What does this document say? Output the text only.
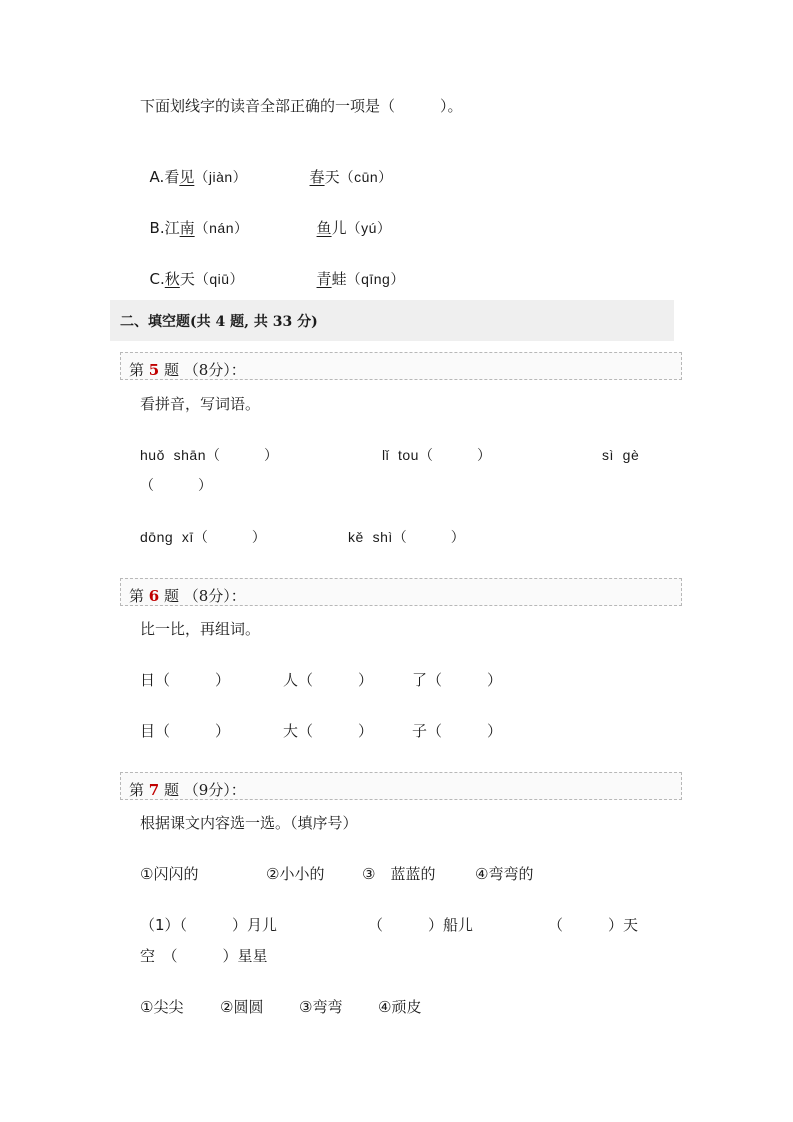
下面划线字的读音全部正确的一项是（　　　）。

A.看见（jiàn）	春天（cūn）

B.江南（nán）	鱼儿（yú）

C.秋天（qiū）	青蛙（qīng）

二、填空题(共 4 题, 共 33 分)
第 5 题 （8分）：
看拼音，写词语。
huǒ  shān（　　　）	lǐ  tou（　　　）	sì  gè
（　　　）
dōng  xī（　　　）	kě  shì（　　　）
第 6 题 （8分）：
比一比，再组词。
日（　　　）	人（　　　）	了（　　　）
目（　　　）	大（　　　）	子（　　　）
第 7 题 （9分）：
根据课文内容选一选。（填序号）
①闪闪的	②小小的	③　蓝蓝的	④弯弯的
（1）（　　　）月儿	（　　　）船儿	（　　　）天
空　（　　　）星星
①尖尖 ②圆圆 ③弯弯 ④顽皮
